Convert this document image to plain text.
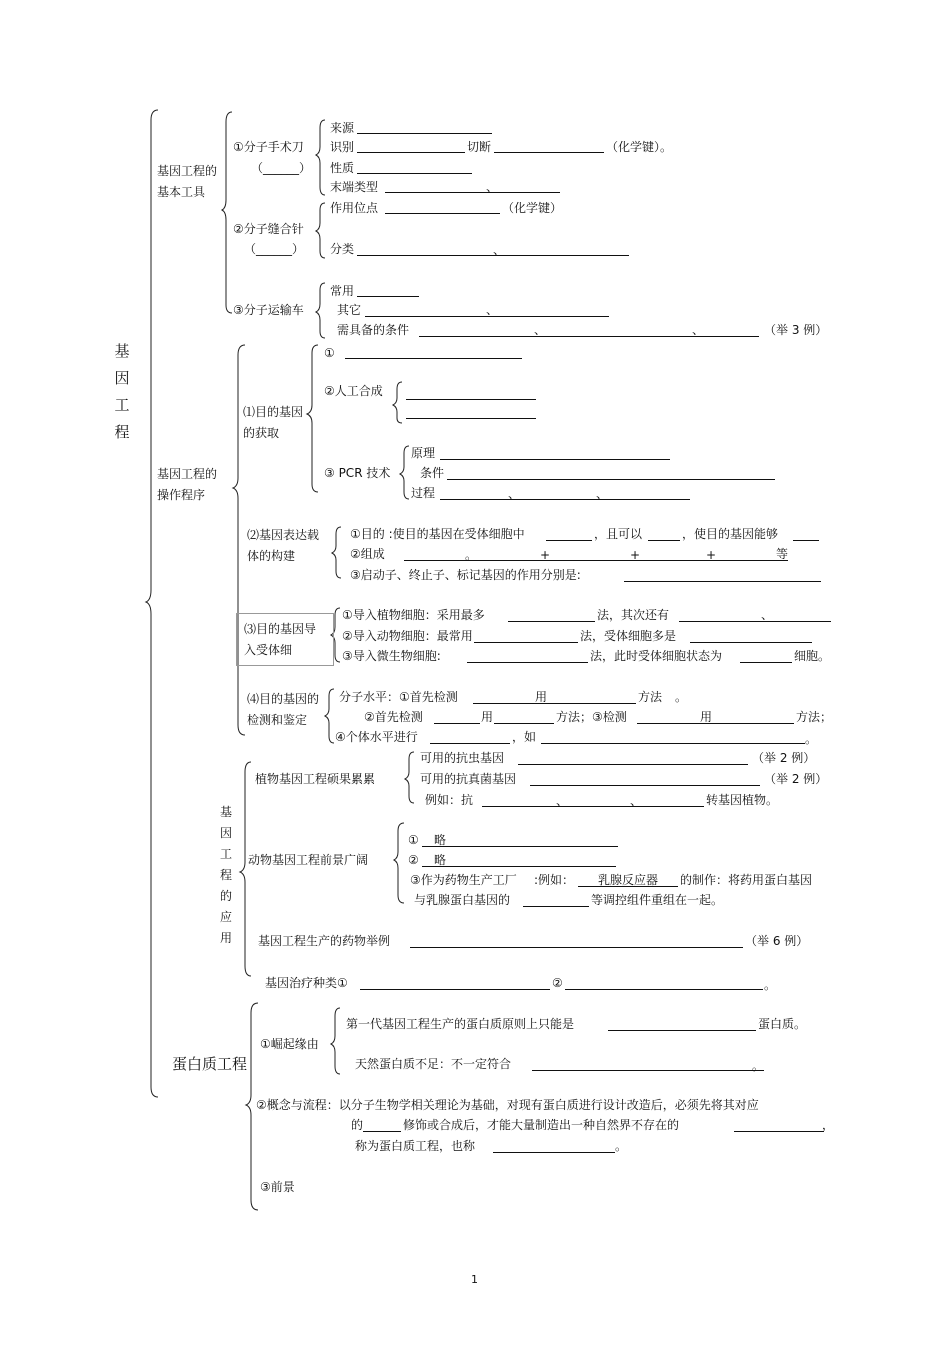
基因工程
基因工程的基本工具
①分子手术刀
（______）
来源
识别	切断	（化学键）。
性质
末端类型	、
②分子缝合针
（______）
作用位点	（化学键）
分类	、
③分子运输车
常用
其它	、
需具备的条件	、	、	（举 3 例）
基因工程的操作程序
⑴目的基因的获取
①
②人工合成
③ PCR 技术
原理
条件
过程	、	、
⑵基因表达载体的构建
①目的 :使目的基因在受体细胞中	，且可以	，使目的基因能够
②组成	。	+	+	+	等
③启动子、终止子、标记基因的作用分别是:
⑶目的基因导入受体细
①导入植物细胞：采用最多	法，其次还有	、
②导入动物细胞：最常用	法，受体细胞多是
③导入微生物细胞:	法，此时受体细胞状态为	细胞。
⑷目的基因的检测和鉴定
分子水平：①首先检测	用	方法 。
②首先检测	用	方法；③检测	用	方法；
④个体水平进行	，如	。
基因工程的应用
植物基因工程硕果累累
可用的抗虫基因	（举 2 例）
可用的抗真菌基因	（举 2 例）
例如：抗	、	、	转基因植物。
动物基因工程前景广阔
① 略
② 略
③作为药物生产工厂 :例如： 乳腺反应器 的制作：将药用蛋白基因
与乳腺蛋白基因的	等调控组件重组在一起。
基因工程生产的药物举例	（举 6 例）
基因治疗种类①	②	。
蛋白质工程
①崛起缘由
第一代基因工程生产的蛋白质原则上只能是	蛋白质。
天然蛋白质不足：不一定符合	。
②概念与流程：以分子生物学相关理论为基础，对现有蛋白质进行设计改造后，必须先将其对应
的	修饰或合成后，才能大量制造出一种自然界不存在的	，
称为蛋白质工程，也称	。
③前景
1
